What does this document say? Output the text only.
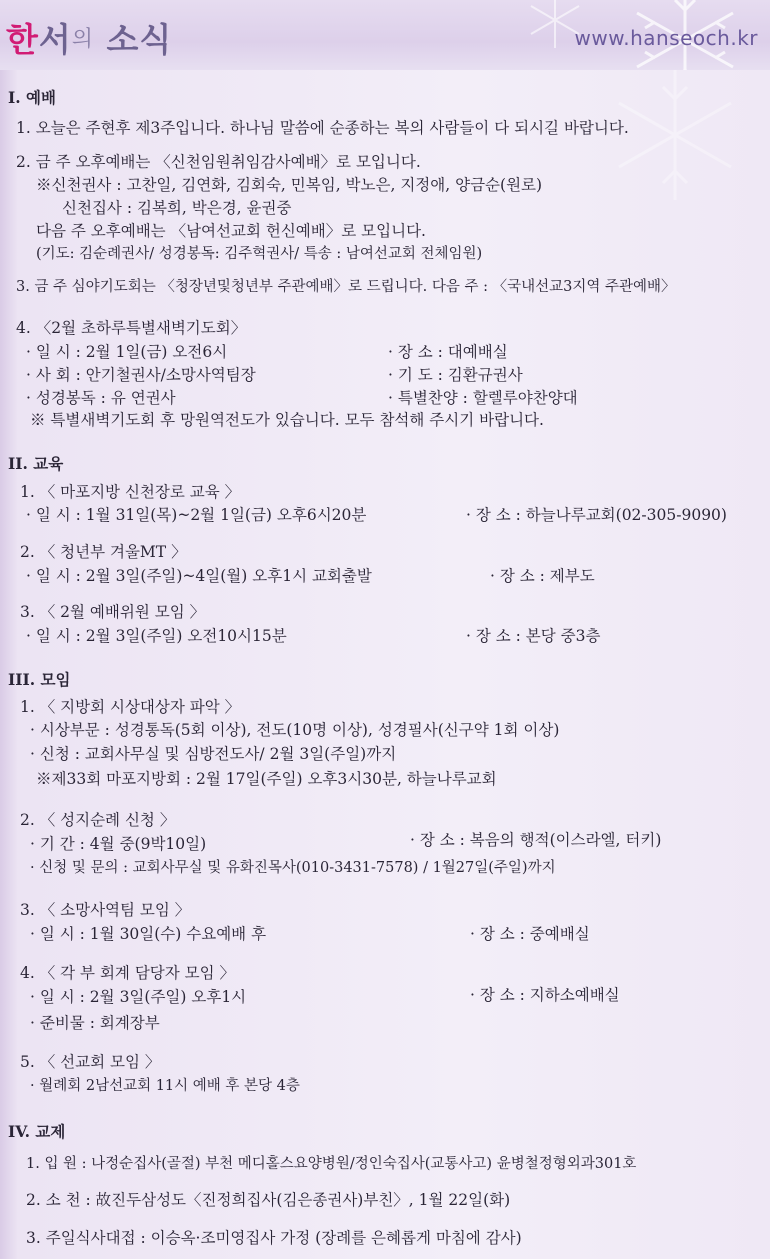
한서의 소식	www.hanseoch.kr
I. 예배
1. 오늘은 주현후 제3주입니다. 하나님 말씀에 순종하는 복의 사람들이 다 되시길 바랍니다.
2. 금 주 오후예배는 〈신천임원취임감사예배〉로 모입니다.
※신천권사 : 고찬일, 김연화, 김회숙, 민복임, 박노은, 지정애, 양금순(원로)
신천집사 : 김복희, 박은경, 윤권중
다음 주 오후예배는 〈남여선교회 헌신예배〉로 모입니다.
(기도: 김순례권사/ 성경봉독: 김주혁권사/ 특송 : 남여선교회 전체임원)
3. 금 주 심야기도회는 〈청장년및청년부 주관예배〉로 드립니다. 다음 주 : 〈국내선교3지역 주관예배〉
4. 〈2월 초하루특별새벽기도회〉
· 일 시 : 2월 1일(금) 오전6시	· 장 소 : 대예배실
· 사 회 : 안기철권사/소망사역팀장	· 기 도 : 김환규권사
· 성경봉독 : 유 연권사	· 특별찬양 : 할렐루야찬양대
※ 특별새벽기도회 후 망원역전도가 있습니다. 모두 참석해 주시기 바랍니다.
II. 교육
1. 〈 마포지방 신천장로 교육 〉
· 일 시 : 1월 31일(목)~2월 1일(금) 오후6시20분	· 장 소 : 하늘나루교회(02-305-9090)
2. 〈 청년부 겨울MT 〉
· 일 시 : 2월 3일(주일)~4일(월) 오후1시 교회출발	· 장 소 : 제부도
3. 〈 2월 예배위원 모임 〉
· 일 시 : 2월 3일(주일) 오전10시15분	· 장 소 : 본당 중3층
III. 모임
1. 〈 지방회 시상대상자 파악 〉
· 시상부문 : 성경통독(5회 이상), 전도(10명 이상), 성경필사(신구약 1회 이상)
· 신청 : 교회사무실 및 심방전도사/ 2월 3일(주일)까지
※제33회 마포지방회 : 2월 17일(주일) 오후3시30분, 하늘나루교회
2. 〈 성지순례 신청 〉
· 기 간 : 4월 중(9박10일)	· 장 소 : 복음의 행적(이스라엘, 터키)
· 신청 및 문의 : 교회사무실 및 유화진목사(010-3431-7578) / 1월27일(주일)까지
3. 〈 소망사역팀 모임 〉
· 일 시 : 1월 30일(수) 수요예배 후	· 장 소 : 중예배실
4. 〈 각 부 회계 담당자 모임 〉
· 일 시 : 2월 3일(주일) 오후1시	· 장 소 : 지하소예배실
· 준비물 : 회계장부
5. 〈 선교회 모임 〉
· 월례회 2남선교회 11시 예배 후 본당 4층
IV. 교제
1. 입 원 : 나정순집사(골절) 부천 메디홀스요양병원/정인숙집사(교통사고) 윤병철정형외과301호
2. 소 천 : 故진두삼성도〈진정희집사(김은종권사)부친〉, 1월 22일(화)
3. 주일식사대접 : 이승옥·조미영집사 가정 (장례를 은혜롭게 마침에 감사)
